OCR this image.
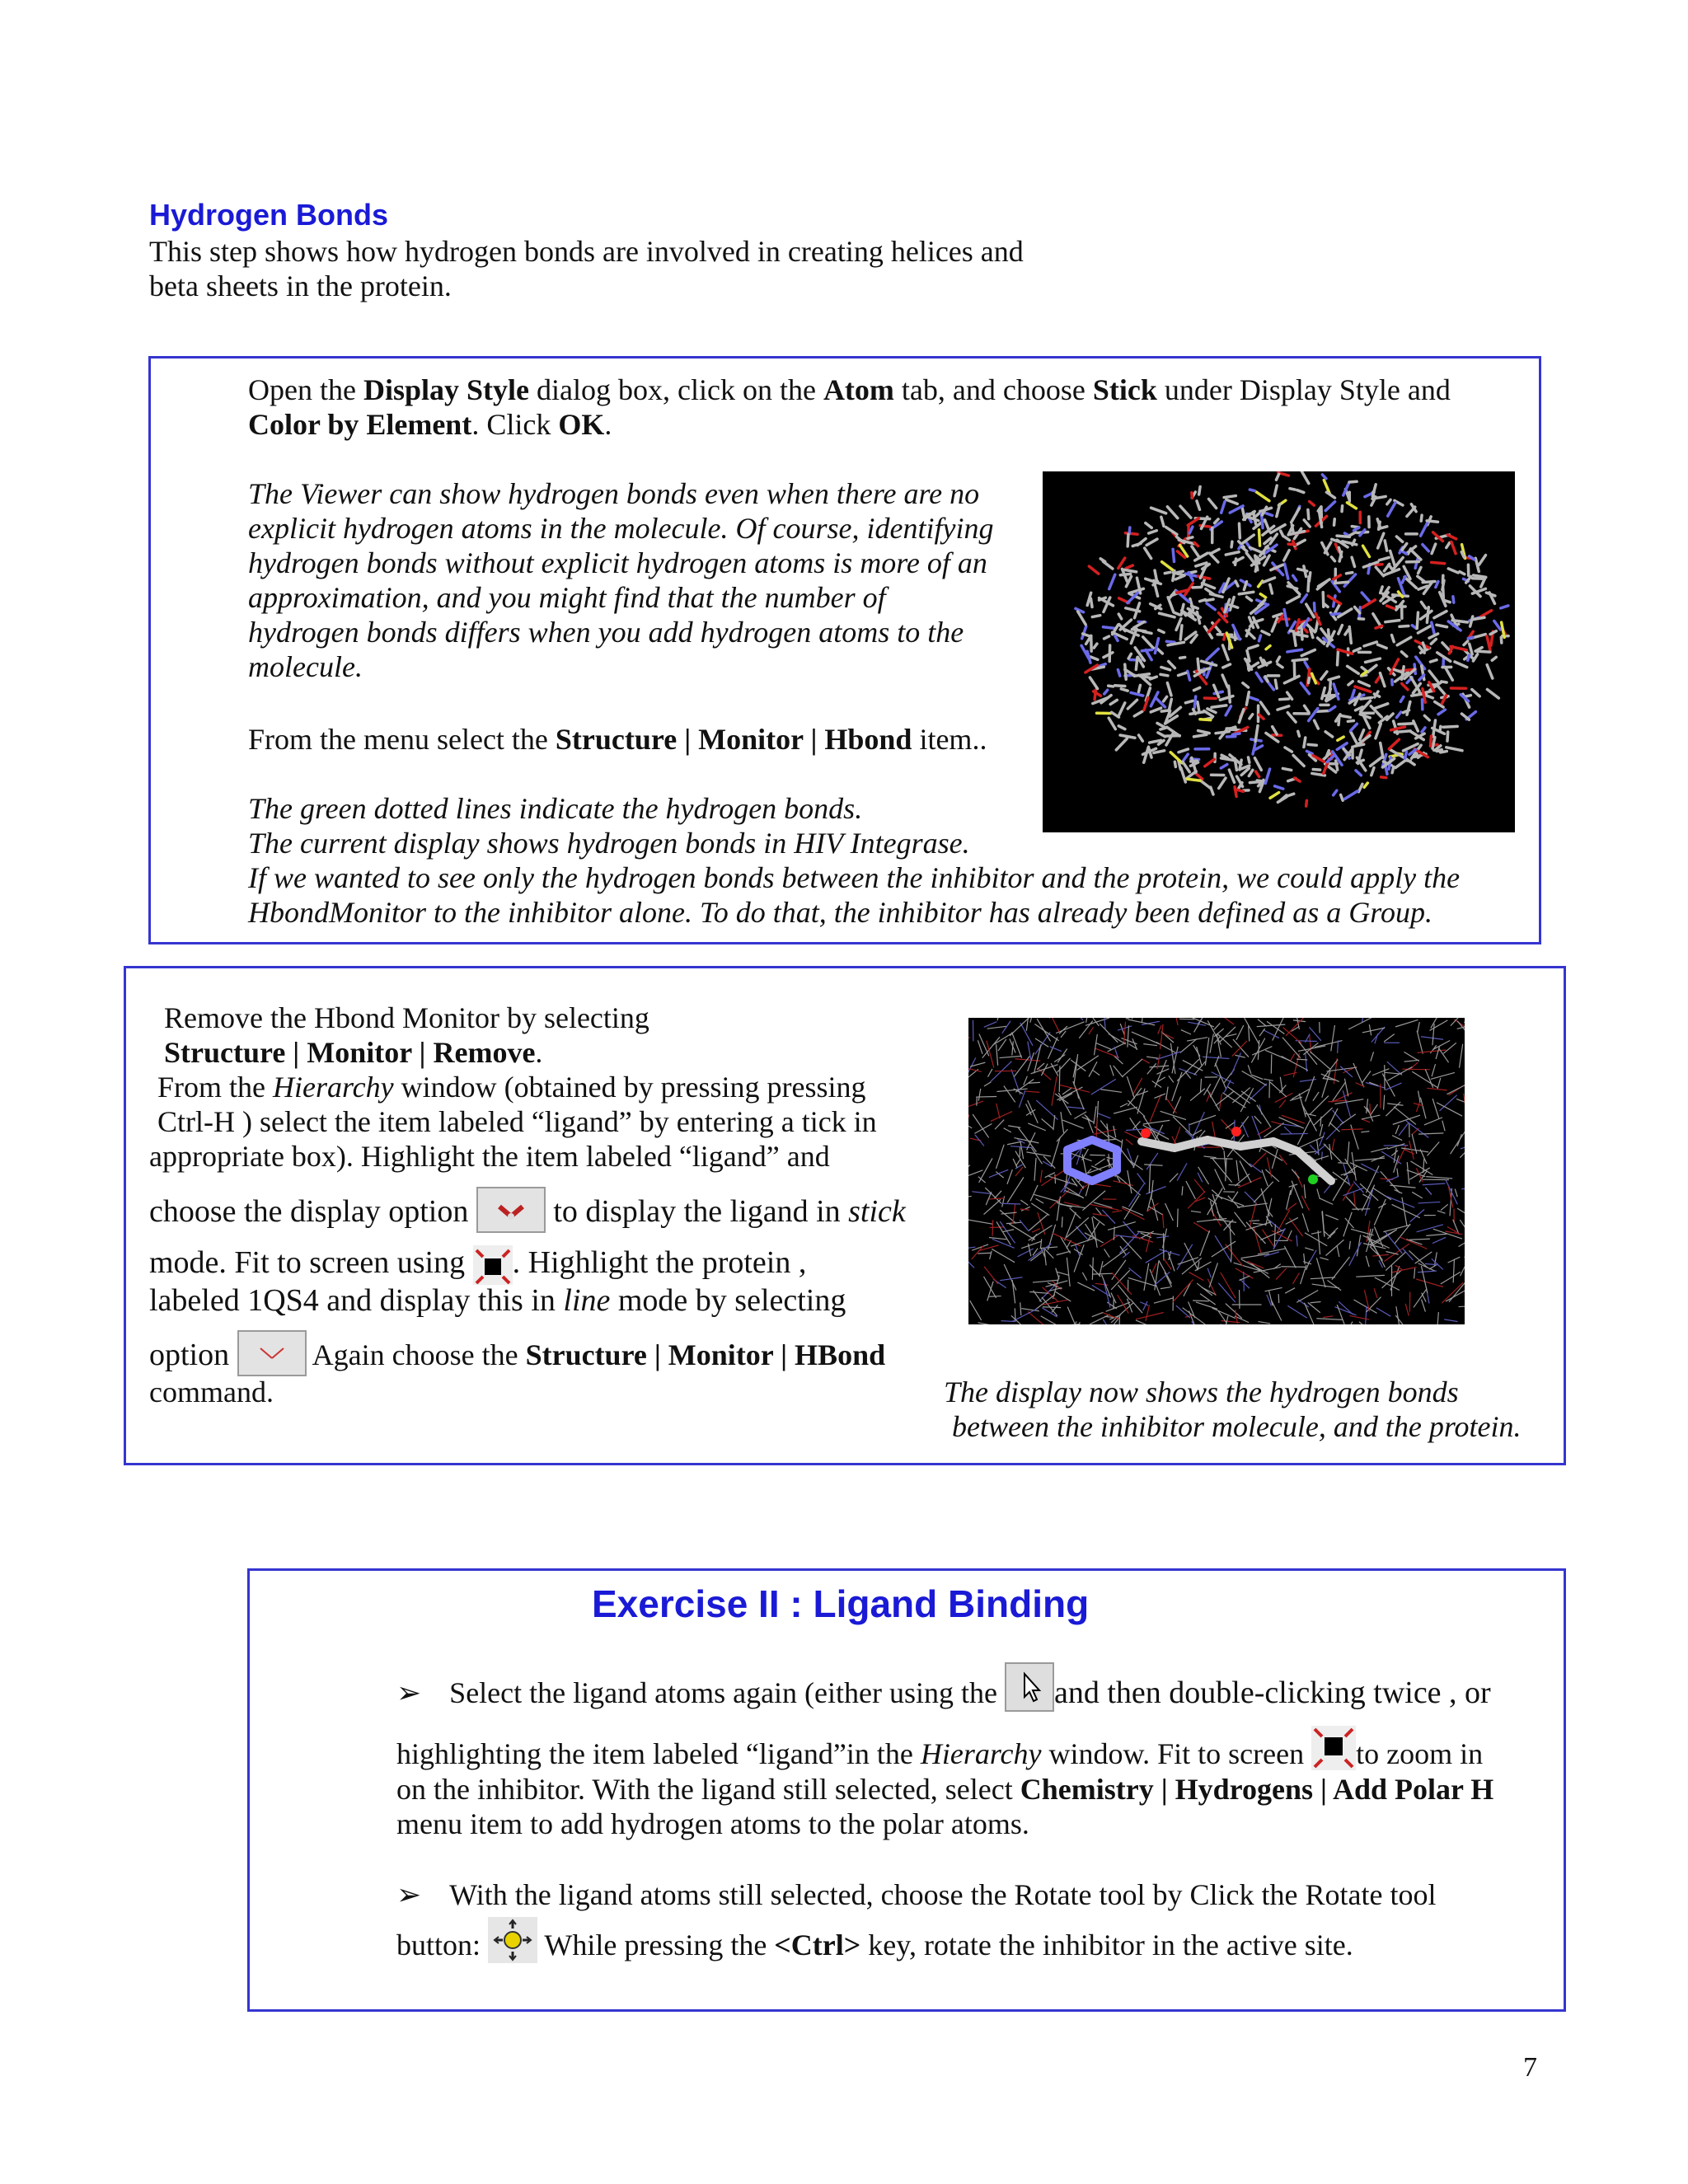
Hydrogen Bonds
This step shows how hydrogen bonds are involved in creating helices and
beta sheets in the protein.
Open the Display Style dialog box, click on the Atom tab, and choose Stick under Display Style and
Color by Element. Click OK.
The Viewer can show hydrogen bonds even when there are no
explicit hydrogen atoms in the molecule. Of course, identifying
hydrogen bonds without explicit hydrogen atoms is more of an
approximation, and you might find that the number of
hydrogen bonds differs when you add hydrogen atoms to the
molecule.
From the menu select the Structure | Monitor | Hbond item..
The green dotted lines indicate the hydrogen bonds.
The current display shows hydrogen bonds in HIV Integrase.
If we wanted to see only the hydrogen bonds between the inhibitor and the protein, we could apply the
HbondMonitor to the inhibitor alone. To do that, the inhibitor has already been defined as a Group.
Remove the Hbond Monitor by selecting
Structure | Monitor | Remove.
From the Hierarchy window (obtained by pressing pressing
Ctrl-H ) select the item labeled “ligand” by entering a tick in
appropriate box). Highlight the item labeled “ligand” and
choose the display option  to display the ligand in stick
mode. Fit to screen using . Highlight the protein ,
labeled 1QS4 and display this in line mode by selecting
option  Again choose the Structure | Monitor | HBond
command.	The display now shows the hydrogen bonds
between the inhibitor molecule, and the protein.
Exercise II : Ligand Binding
➢ Select the ligand atoms again (either using the and then double-clicking twice , or
highlighting the item labeled “ligand”in the Hierarchy window. Fit to screen to zoom in
on the inhibitor. With the ligand still selected, select Chemistry | Hydrogens | Add Polar H
menu item to add hydrogen atoms to the polar atoms.
➢ With the ligand atoms still selected, choose the Rotate tool by Click the Rotate tool
button:  While pressing the <Ctrl> key, rotate the inhibitor in the active site.
7
